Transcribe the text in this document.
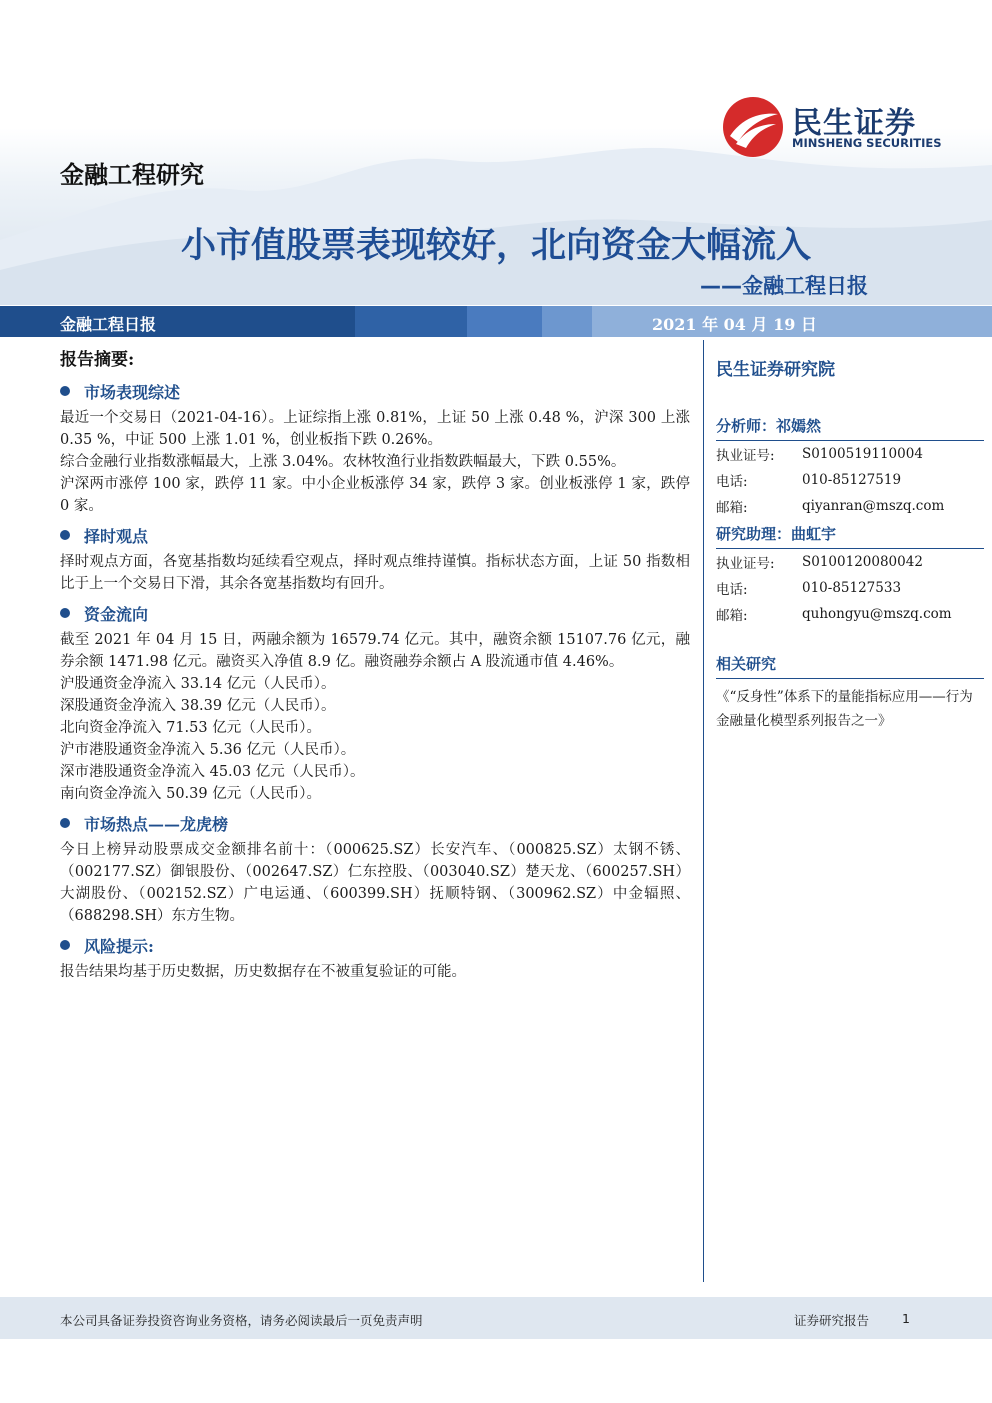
民生证券
MINSHENG SECURITIES
金融工程研究
小市值股票表现较好，北向资金大幅流入
——金融工程日报
金融工程日报	2021 年 04 月 19 日
报告摘要:
市场表现综述
最近一个交易日（2021-04-16）。上证综指上涨 0.81%，上证 50 上涨 0.48 %，沪深 300 上涨 0.35 %，中证 500 上涨 1.01 %，创业板指下跌 0.26%。
综合金融行业指数涨幅最大，上涨 3.04%。农林牧渔行业指数跌幅最大，下跌 0.55%。
沪深两市涨停 100 家，跌停 11 家。中小企业板涨停 34 家，跌停 3 家。创业板涨停 1 家，跌停 0 家。
择时观点
择时观点方面，各宽基指数均延续看空观点，择时观点维持谨慎。指标状态方面，上证 50 指数相比于上一个交易日下滑，其余各宽基指数均有回升。
资金流向
截至 2021 年 04 月 15 日，两融余额为 16579.74 亿元。其中，融资余额 15107.76 亿元，融券余额 1471.98 亿元。融资买入净值 8.9 亿。融资融券余额占 A 股流通市值 4.46%。
沪股通资金净流入 33.14 亿元（人民币）。
深股通资金净流入 38.39 亿元（人民币）。
北向资金净流入 71.53 亿元（人民币）。
沪市港股通资金净流入 5.36 亿元（人民币）。
深市港股通资金净流入 45.03 亿元（人民币）。
南向资金净流入 50.39 亿元（人民币）。
市场热点——龙虎榜
今日上榜异动股票成交金额排名前十：（000625.SZ）长安汽车、（000825.SZ）太钢不锈、（002177.SZ）御银股份、（002647.SZ）仁东控股、（003040.SZ）楚天龙、（600257.SH）大湖股份、（002152.SZ）广电运通、（600399.SH）抚顺特钢、（300962.SZ）中金辐照、（688298.SH）东方生物。
风险提示:
报告结果均基于历史数据，历史数据存在不被重复验证的可能。
民生证券研究院
分析师：祁嫣然
执业证号:	S0100519110004
电话:	010-85127519
邮箱:	qiyanran@mszq.com
研究助理：曲虹宇
执业证号:	S0100120080042
电话:	010-85127533
邮箱:	quhongyu@mszq.com
相关研究
《“反身性”体系下的量能指标应用——行为金融量化模型系列报告之一》
本公司具备证券投资咨询业务资格，请务必阅读最后一页免责声明	证券研究报告	1
